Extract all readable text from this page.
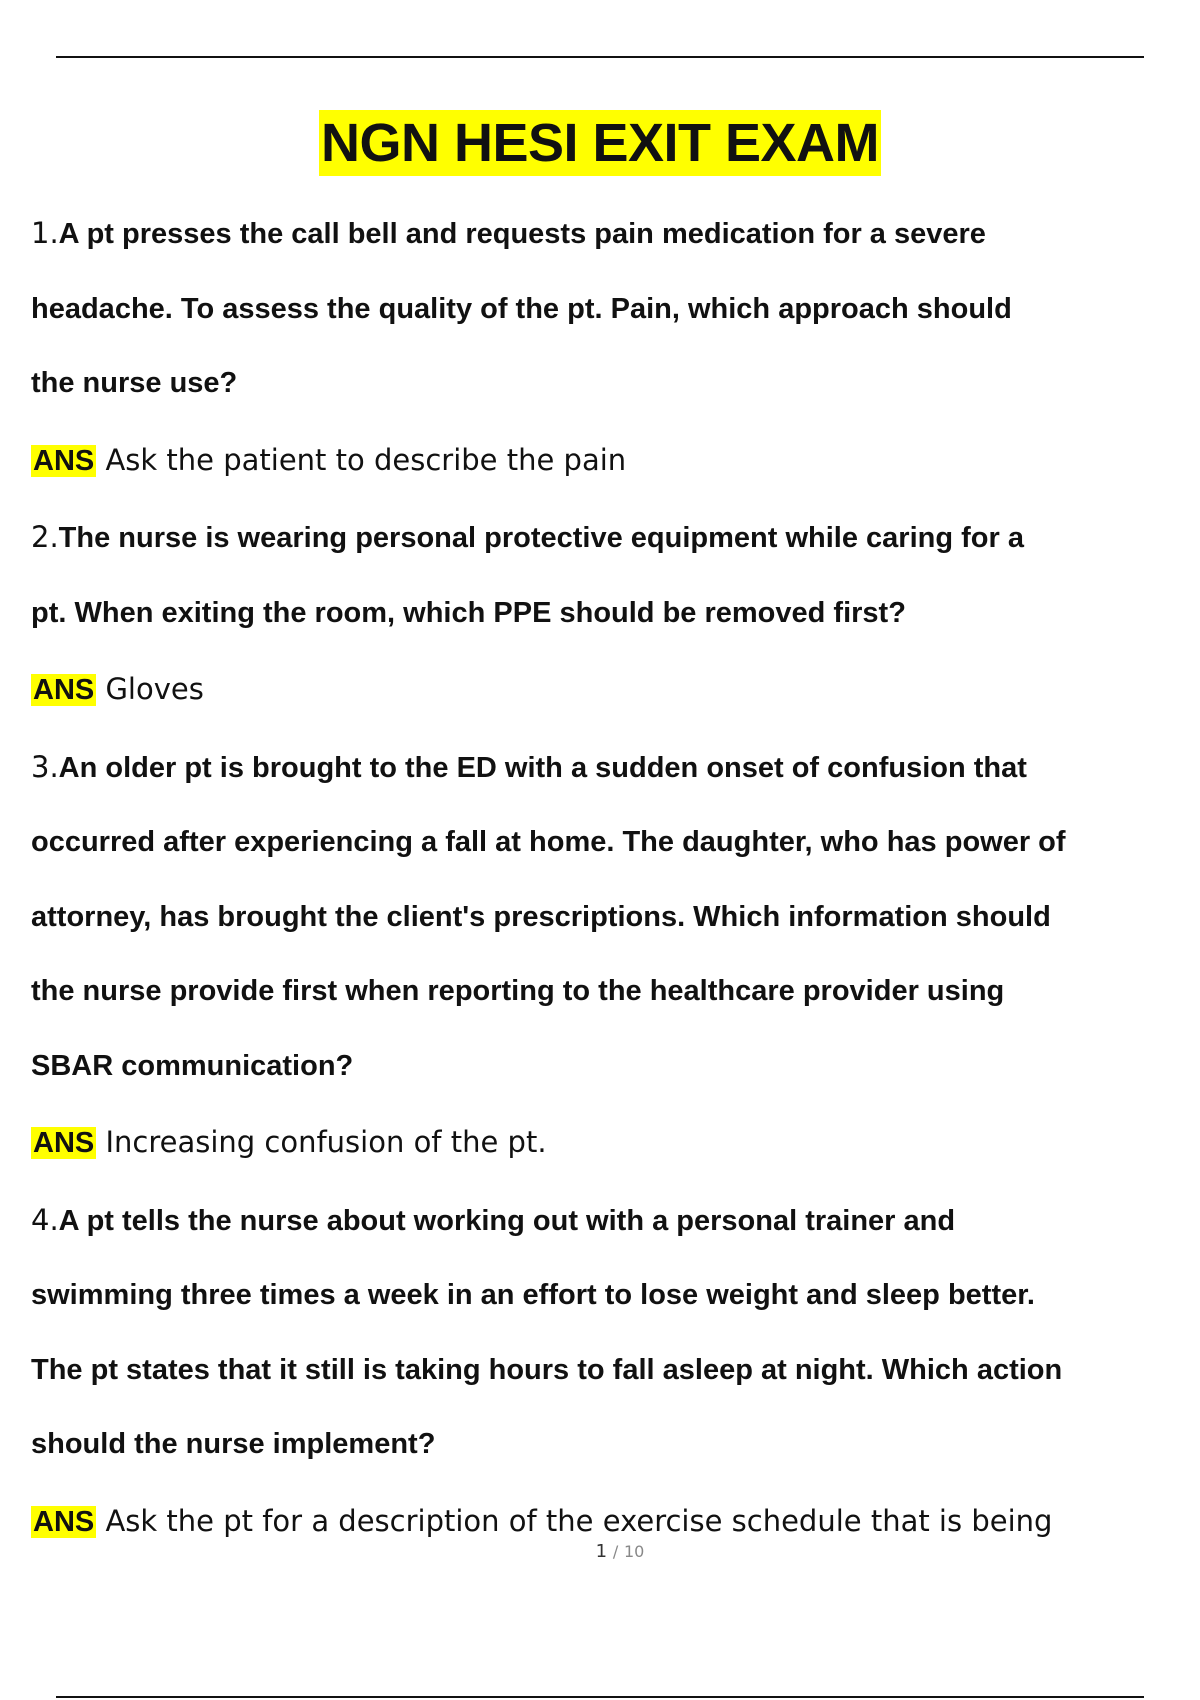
NGN HESI EXIT EXAM
1.A pt presses the call bell and requests pain medication for a severe
headache. To assess the quality of the pt. Pain, which approach should
the nurse use?
ANS Ask the patient to describe the pain
2.The nurse is wearing personal protective equipment while caring for a
pt. When exiting the room, which PPE should be removed first?
ANS Gloves
3.An older pt is brought to the ED with a sudden onset of confusion that
occurred after experiencing a fall at home. The daughter, who has power of
attorney, has brought the client's prescriptions. Which information should
the nurse provide first when reporting to the healthcare provider using
SBAR communication?
ANS Increasing confusion of the pt.
4.A pt tells the nurse about working out with a personal trainer and
swimming three times a week in an effort to lose weight and sleep better.
The pt states that it still is taking hours to fall asleep at night. Which action
should the nurse implement?
ANS Ask the pt for a description of the exercise schedule that is being
1 / 10
